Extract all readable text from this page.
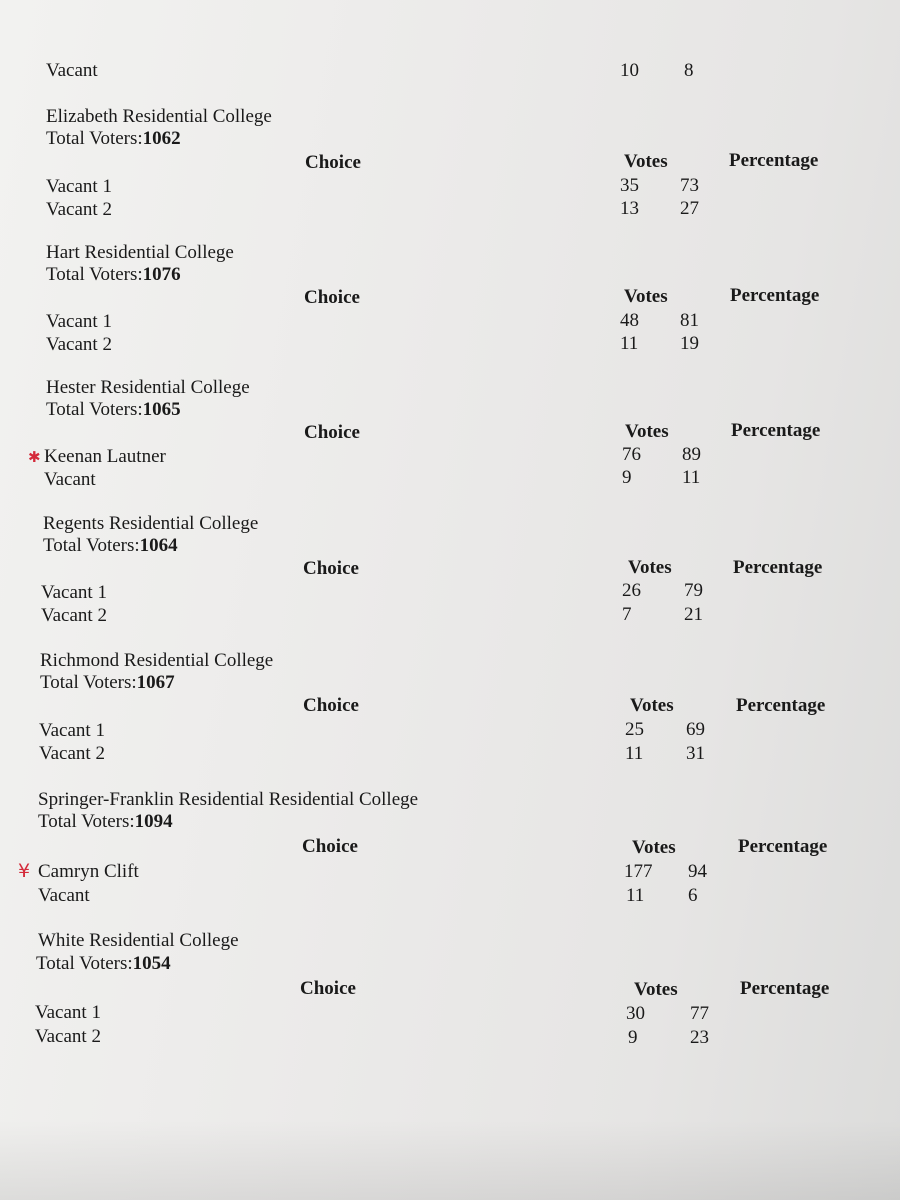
Vacant	10 8
Elizabeth Residential College
Total Voters:1062
Choice	Votes	Percentage
Vacant 1	35 73
Vacant 2	13 27
Hart Residential College
Total Voters:1076
Choice	Votes	Percentage
Vacant 1	48 81
Vacant 2	11 19
Hester Residential College
Total Voters:1065
Choice	Votes	Percentage
✱ Keenan Lautner	76 89
Vacant	9	11
Regents Residential College
Total Voters:1064
Choice	Votes	Percentage
Vacant 1	26 79
Vacant 2	7	21
Richmond Residential College
Total Voters:1067
Choice	Votes	Percentage
Vacant 1	25 69
Vacant 2	11 31
Springer-Franklin Residential Residential College
Total Voters:1094
Choice	Votes	Percentage
¥ Camryn Clift	177 94
Vacant	11 6
White Residential College
Total Voters:1054
Choice	Votes	Percentage
Vacant 1	30 77
Vacant 2	9	23
